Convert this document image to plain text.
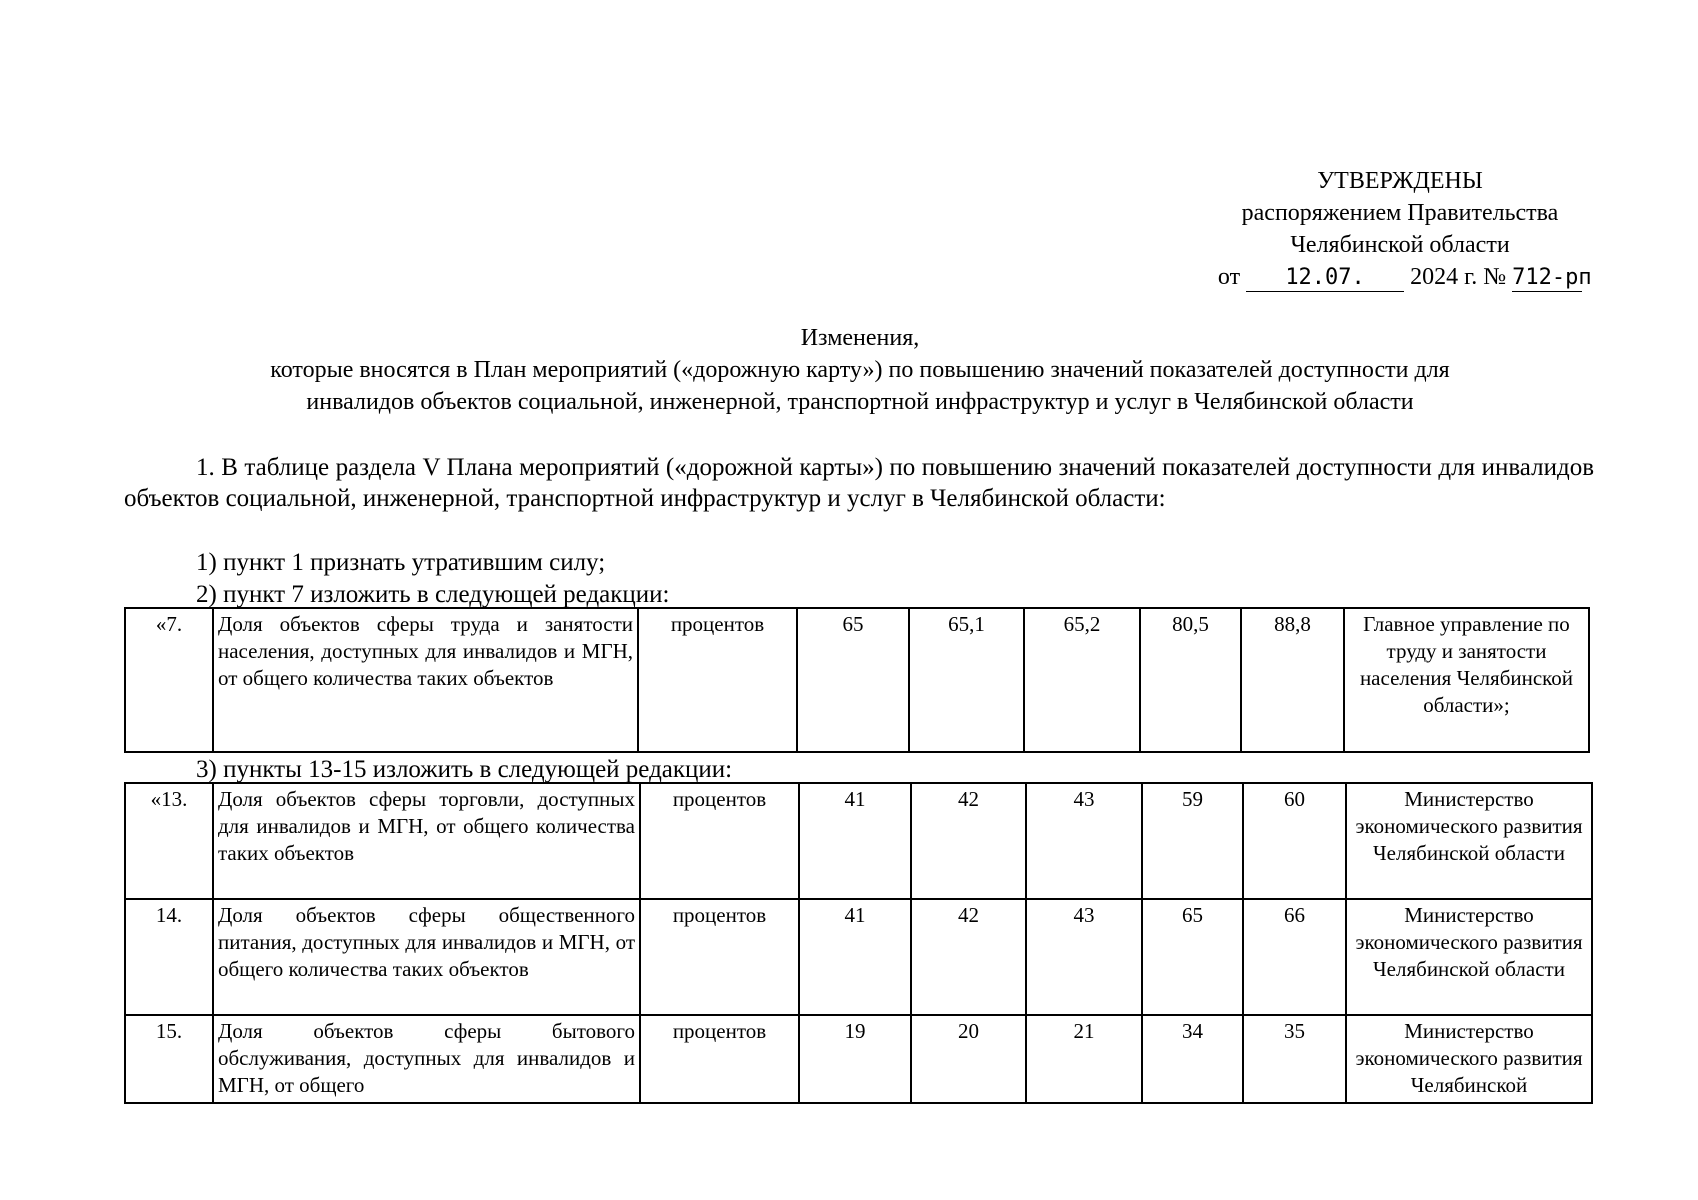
УТВЕРЖДЕНЫ
распоряжением Правительства
Челябинской области
от 12.07. 2024 г. № 712-рп
Изменения,
которые вносятся в План мероприятий («дорожную карту») по повышению значений показателей доступности для
инвалидов объектов социальной, инженерной, транспортной инфраструктур и услуг в Челябинской области
1. В таблице раздела V Плана мероприятий («дорожной карты») по повышению значений показателей доступности для инвалидов объектов социальной, инженерной, транспортной инфраструктур и услуг в Челябинской области:
1) пункт 1 признать утратившим силу;
2) пункт 7 изложить в следующей редакции:
«7.	Доля объектов сферы труда и занятости населения, доступных для инвалидов и МГН, от общего количества таких объектов	процентов	65	65,1	65,2	80,5	88,8	Главное управление по труду и занятости населения Челябинской области»;
3) пункты 13-15 изложить в следующей редакции:
«13.	Доля объектов сферы торговли, доступных для инвалидов и МГН, от общего количества таких объектов	процентов	41	42	43	59	60	Министерство экономического развития Челябинской области
14.	Доля объектов сферы общественного питания, доступных для инвалидов и МГН, от общего количества таких объектов	процентов	41	42	43	65	66	Министерство экономического развития Челябинской области
15.	Доля объектов сферы бытового обслуживания, доступных для инвалидов и МГН, от общего	процентов	19	20	21	34	35	Министерство экономического развития Челябинской
